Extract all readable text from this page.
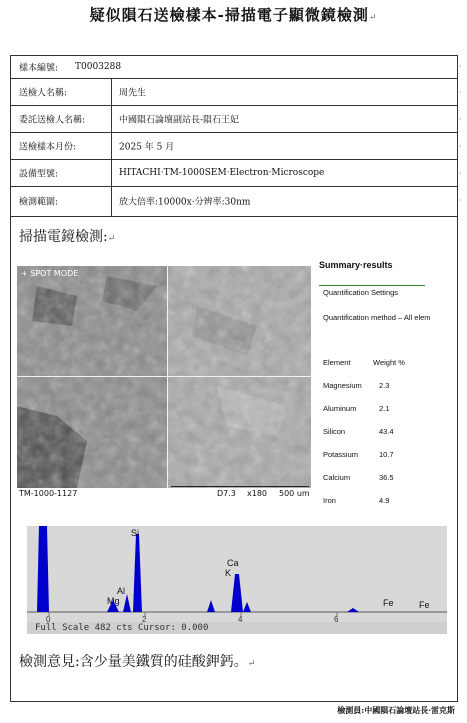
疑似隕石送檢樣本-掃描電子顯微鏡檢測↵
樣本編號: T0003288
送檢人名稱:	周先生
委託送檢人名稱:	中國隕石論壇副站長-隕石王妃
送檢樣本月份:	2025 年 5 月
設備型號:	HITACHI·TM-1000SEM·Electron·Microscope
檢測範圍:	放大倍率:10000x·分辨率:30nm
掃描電鏡檢測:↵
+ SPOT MODE
TM-1000-1127	D7.3 x180 500 um
Summary·results
Quantification Settings
Quantification method – All elem
Element	Weight %
Magnesium 2.3
Aluminum	2.1
Silicon	43.4
Potassium	10.7
Calcium	36.5
Iron	4.9
Si
Al
Mg
Ca
K
Fe	Fe
0	2	4	6
Full Scale 482 cts Cursor: 0.000
檢測意見:含少量美鐵質的硅酸鉀鈣。↵
·
·
·
·
·
·
檢測員:中國隕石論壇站長·雷克斯
